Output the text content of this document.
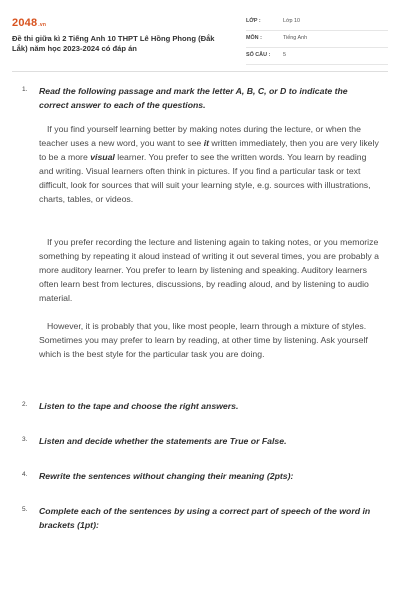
2048.vn
Đề thi giữa kì 2 Tiếng Anh 10 THPT Lê Hồng Phong (Đắk Lắk) năm học 2023-2024 có đáp án
LỚP :	Lớp 10
MÔN :	Tiếng Anh
SỐ CÂU : 5
1. Read the following passage and mark the letter A, B, C, or D to indicate the correct answer to each of the questions.
If you find yourself learning better by making notes during the lecture, or when the teacher uses a new word, you want to see it written immediately, then you are very likely to be a more visual learner. You prefer to see the written words. You learn by reading and writing. Visual learners often think in pictures. If you find a particular task or text difficult, look for sources that will suit your learning style, e.g. sources with illustrations, charts, tables, or videos.
If you prefer recording the lecture and listening again to taking notes, or you memorize something by repeating it aloud instead of writing it out several times, you are probably a more auditory learner. You prefer to learn by listening and speaking. Auditory learners often learn best from lectures, discussions, by reading aloud, and by listening to audio material.
However, it is probably that you, like most people, learn through a mixture of styles. Sometimes you may prefer to learn by reading, at other time by listening. Ask yourself which is the best style for the particular task you are doing.
2. Listen to the tape and choose the right answers.
3. Listen and decide whether the statements are True or False.
4. Rewrite the sentences without changing their meaning (2pts):
5. Complete each of the sentences by using a correct part of speech of the word in brackets (1pt):
